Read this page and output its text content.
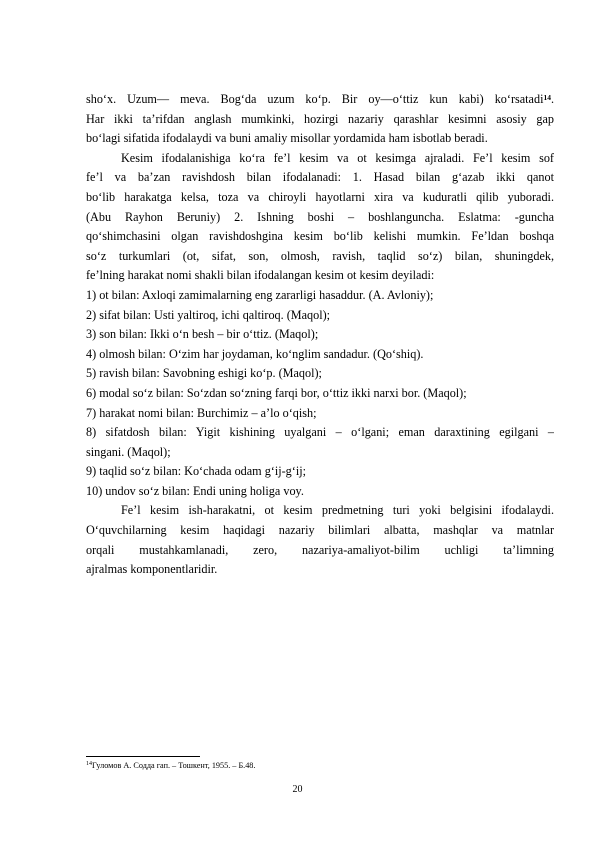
sho‘x. Uzum— meva. Bog‘da uzum ko‘p. Bir oy—o‘ttiz kun kabi) ko‘rsatadi$^{14}$.
Har ikki ta’rifdan anglash mumkinki, hozirgi nazariy qarashlar kesimni asosiy gap
bo‘lagi sifatida ifodalaydi va buni amaliy misollar yordamida ham isbotlab beradi.
Kesim ifodalanishiga ko‘ra fe’l kesim va ot kesimga ajraladi. Fe’l kesim sof
fe’l va ba’zan ravishdosh bilan ifodalanadi: 1. Hasad bilan g‘azab ikki qanot
bo‘lib harakatga kelsa, toza va chiroyli hayotlarni xira va kuduratli qilib yuboradi.
(Abu Rayhon Beruniy) 2. Ishning boshi – boshlanguncha. Eslatma: -guncha
qo‘shimchasini olgan ravishdoshgina kesim bo‘lib kelishi mumkin. Fe’ldan boshqa
so‘z turkumlari (ot, sifat, son, olmosh, ravish, taqlid so‘z) bilan, shuningdek,
fe’lning harakat nomi shakli bilan ifodalangan kesim ot kesim deyiladi:
1) ot bilan: Axloqi zamimalarning eng zararligi hasaddur. (A. Avloniy);
2) sifat bilan: Usti yaltiroq, ichi qaltiroq. (Maqol);
3) son bilan: Ikki o‘n besh – bir o‘ttiz. (Maqol);
4) olmosh bilan: O‘zim har joydaman, ko‘nglim sandadur. (Qo‘shiq).
5) ravish bilan: Savobning eshigi ko‘p. (Maqol);
6) modal so‘z bilan: So‘zdan so‘zning farqi bor, o‘ttiz ikki narxi bor. (Maqol);
7) harakat nomi bilan: Burchimiz – a’lo o‘qish;
8) sifatdosh bilan: Yigit kishining uyalgani – o‘lgani; eman daraxtining egilgani –
singani. (Maqol);
9) taqlid so‘z bilan: Ko‘chada odam g‘ij-g‘ij;
10) undov so‘z bilan: Endi uning holiga voy.
Fe’l kesim ish-harakatni, ot kesim predmetning turi yoki belgisini ifodalaydi.
O‘quvchilarning kesim haqidagi nazariy bilimlari albatta, mashqlar va matnlar
orqali mustahkamlanadi, zero, nazariya-amaliyot-bilim uchligi ta’limning
ajralmas komponentlaridir.
$^{14}$Гуломов А. Содда гап. – Тошкент, 1955. – Б.48.
20
